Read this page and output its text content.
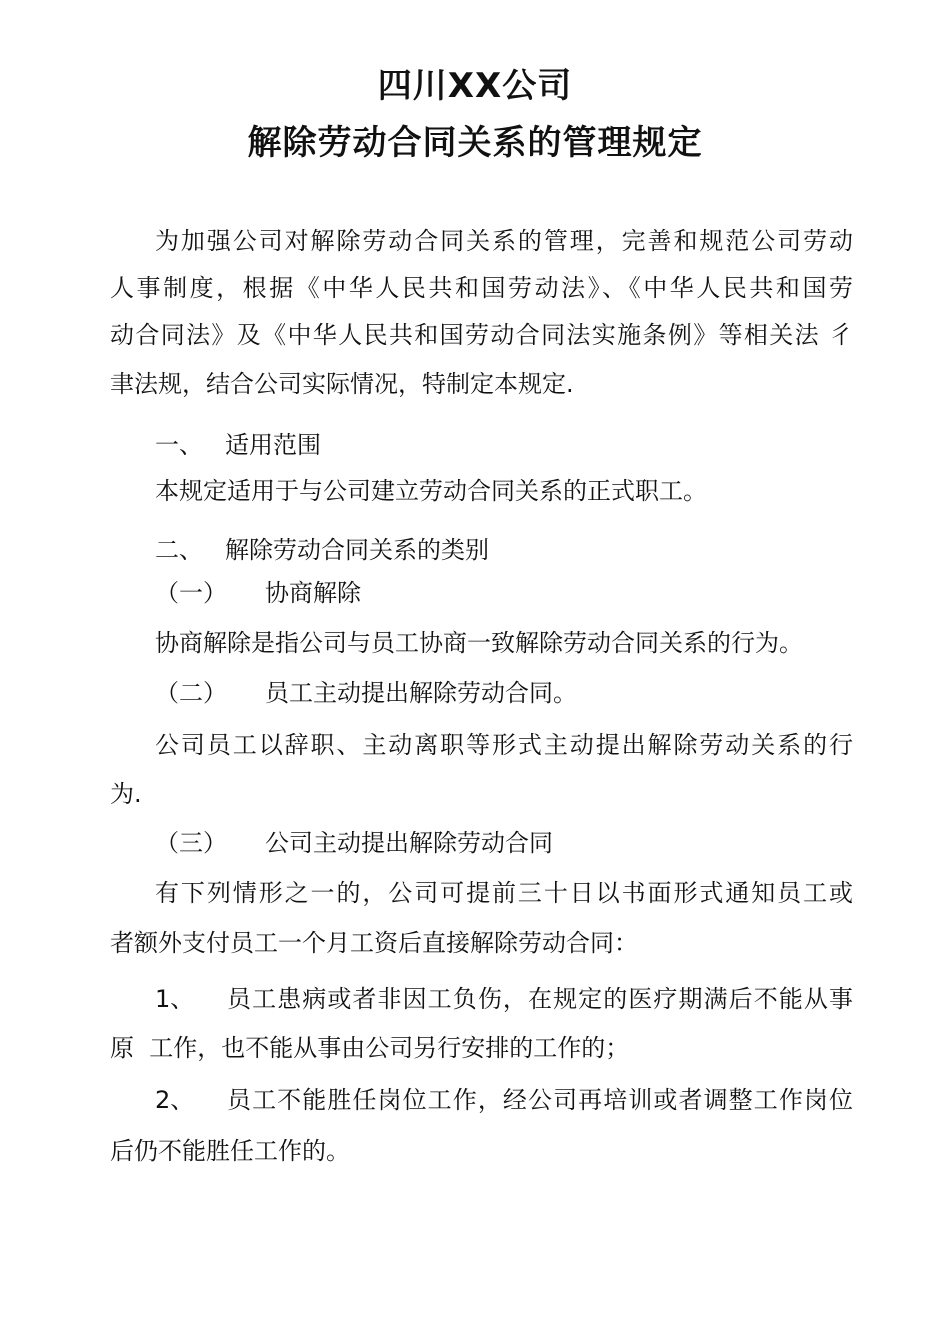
四川XX公司
解除劳动合同关系的管理规定

为加强公司对解除劳动合同关系的管理，完善和规范公司劳动

人事制度，根据《中华人民共和国劳动法》、《中华人民共和国劳

动合同法》及《中华人民共和国劳动合同法实施条例》等相关法 彳

聿法规，结合公司实际情况，特制定本规定.

一、 适用范围

本规定适用于与公司建立劳动合同关系的正式职工。

二、 解除劳动合同关系的类别

（一） 协商解除

协商解除是指公司与员工协商一致解除劳动合同关系的行为。

（二） 员工主动提出解除劳动合同。

公司员工以辞职、主动离职等形式主动提出解除劳动关系的行

为.

（三） 公司主动提出解除劳动合同

有下列情形之一的，公司可提前三十日以书面形式通知员工或

者额外支付员工一个月工资后直接解除劳动合同：

1、	员工患病或者非因工负伤，在规定的医疗期满后不能从事

原  工作，也不能从事由公司另行安排的工作的；

2、	员工不能胜任岗位工作，经公司再培训或者调整工作岗位

后仍不能胜任工作的。
